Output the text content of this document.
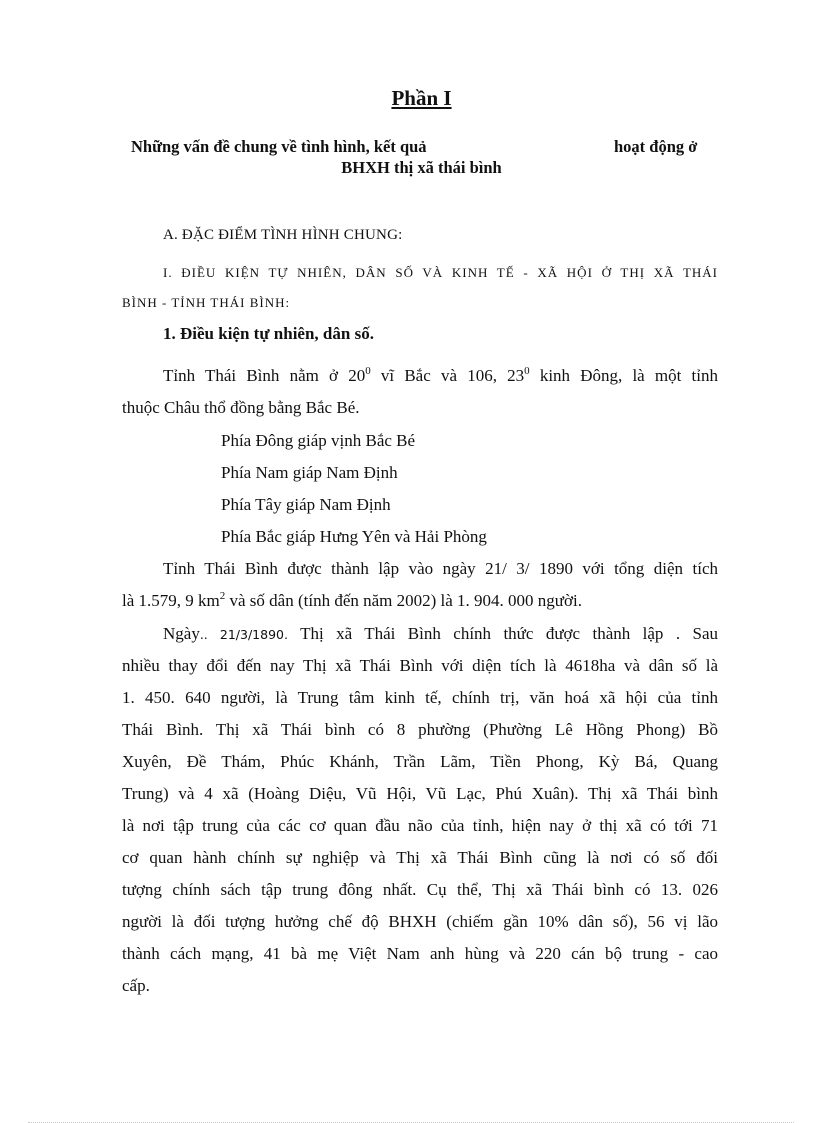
Phần I
Những vấn đề chung về tình hình, kết quả	hoạt động ở
BHXH thị xã thái bình
A. ĐẶC ĐIỂM TÌNH HÌNH CHUNG:
I. ĐIỀU KIỆN TỰ NHIÊN, DÂN SỐ VÀ KINH TẾ - XÃ HỘI Ở THỊ XÃ THÁI
BÌNH - TỈNH THÁI BÌNH:
1. Điều kiện tự nhiên, dân số.
Tỉnh Thái Bình nằm ở $20^0$ vĩ Bắc và 106, $23^0$ kinh Đông, là một tỉnh
thuộc Châu thổ đồng bằng Bắc Bé.
Phía Đông giáp vịnh Bắc Bé
Phía Nam giáp Nam Định
Phía Tây giáp Nam Định
Phía Bắc giáp Hưng Yên và Hải Phòng
Tỉnh Thái Bình được thành lập vào ngày 21/ 3/ 1890 với tổng diện tích
là 1.579, 9 $km^2$ và số dân (tính đến năm 2002) là 1. 904. 000 người.
Ngày.. 21/3/1890. Thị xã Thái Bình chính thức được thành lập . Sau
nhiều thay đổi đến nay Thị xã Thái Bình với diện tích là 4618ha và dân số là
1. 450. 640 người, là Trung tâm kinh tế, chính trị, văn hoá xã hội của tỉnh
Thái Bình. Thị xã Thái bình có 8 phường (Phường Lê Hồng Phong) Bồ
Xuyên, Đề Thám, Phúc Khánh, Trần Lãm, Tiền Phong, Kỳ Bá, Quang
Trung) và 4 xã (Hoàng Diệu, Vũ Hội, Vũ Lạc, Phú Xuân). Thị xã Thái bình
là nơi tập trung của các cơ quan đầu não của tỉnh, hiện nay ở thị xã có tới 71
cơ quan hành chính sự nghiệp và Thị xã Thái Bình cũng là nơi có số đối
tượng chính sách tập trung đông nhất. Cụ thể, Thị xã Thái bình có 13. 026
người là đối tượng hưởng chế độ BHXH (chiếm gần 10% dân số), 56 vị lão
thành cách mạng, 41 bà mẹ Việt Nam anh hùng và 220 cán bộ trung - cao
cấp.
